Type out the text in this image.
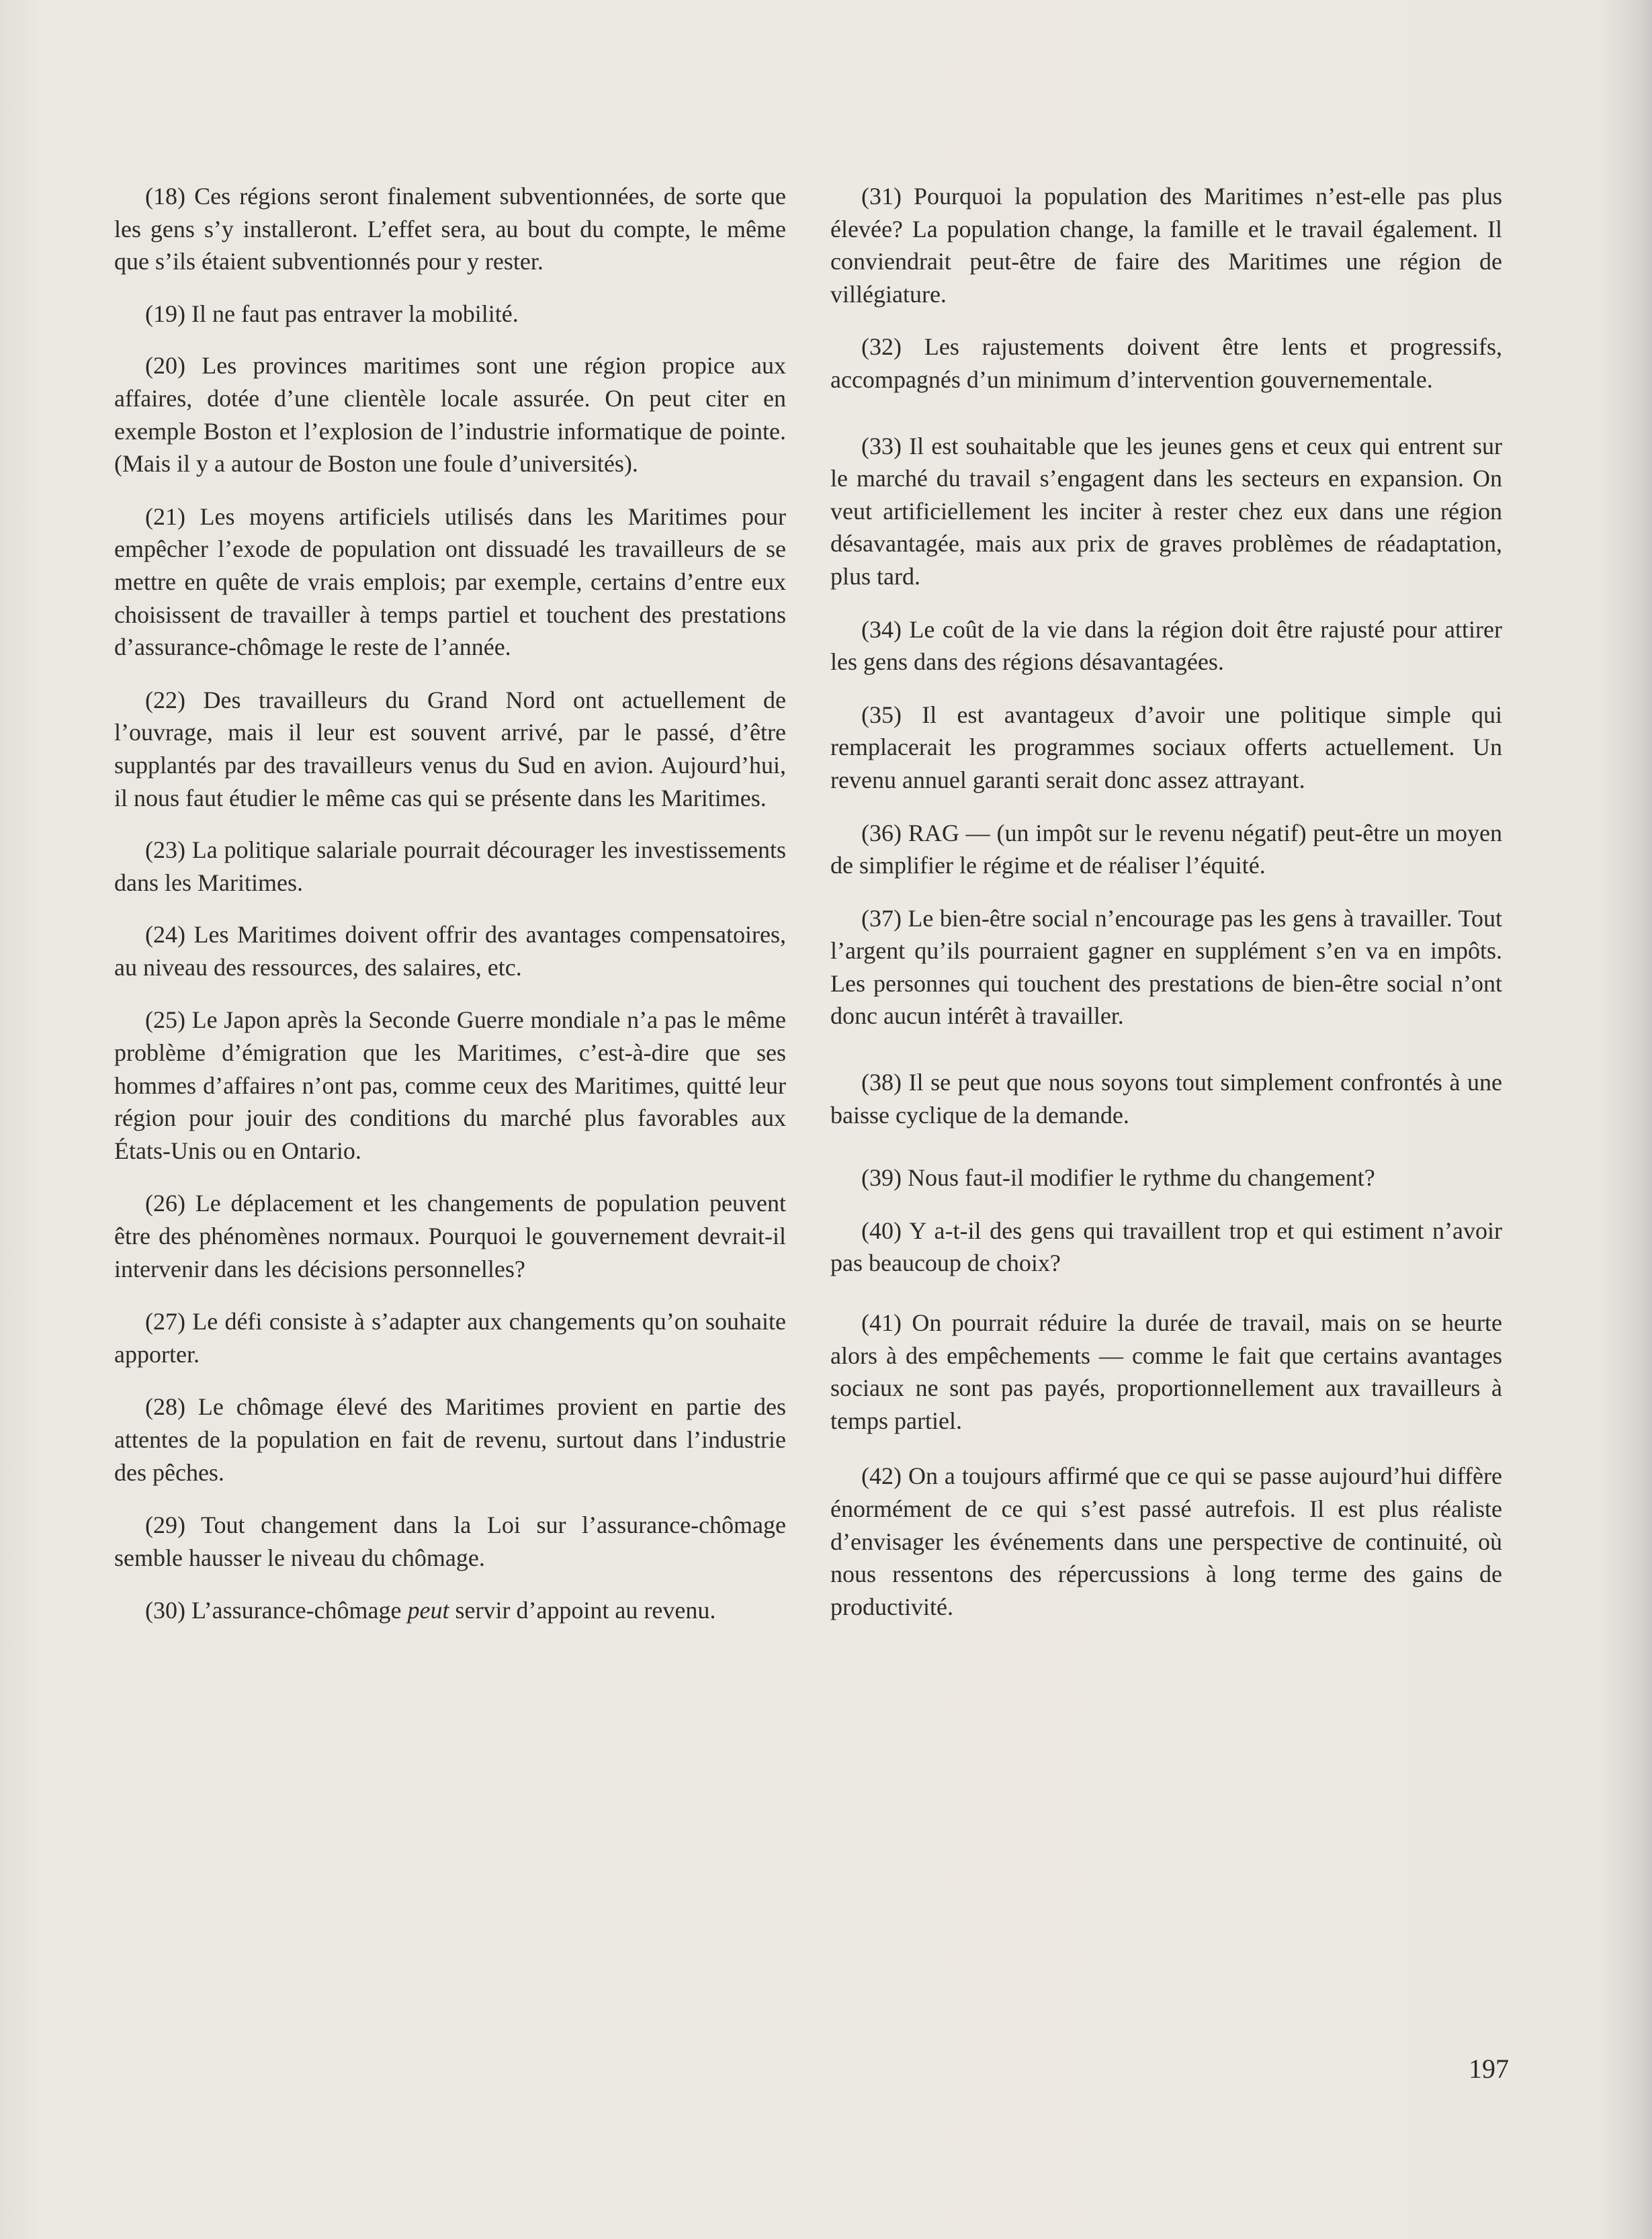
(18) Ces régions seront finalement subventionnées, de sorte que les gens s’y installeront. L’effet sera, au bout du compte, le même que s’ils étaient subventionnés pour y rester.

(19) Il ne faut pas entraver la mobilité.

(20) Les provinces maritimes sont une région propice aux affaires, dotée d’une clientèle locale assurée. On peut citer en exemple Boston et l’explosion de l’industrie informatique de pointe. (Mais il y a autour de Boston une foule d’universités).

(21) Les moyens artificiels utilisés dans les Maritimes pour empêcher l’exode de population ont dissuadé les travailleurs de se mettre en quête de vrais emplois; par exemple, certains d’entre eux choisissent de travailler à temps partiel et touchent des prestations d’assurance-chômage le reste de l’année.

(22) Des travailleurs du Grand Nord ont actuellement de l’ouvrage, mais il leur est souvent arrivé, par le passé, d’être supplantés par des travailleurs venus du Sud en avion. Aujourd’hui, il nous faut étudier le même cas qui se présente dans les Maritimes.

(23) La politique salariale pourrait décourager les investissements dans les Maritimes.

(24) Les Maritimes doivent offrir des avantages compensatoires, au niveau des ressources, des salaires, etc.

(25) Le Japon après la Seconde Guerre mondiale n’a pas le même problème d’émigration que les Maritimes, c’est-à-dire que ses hommes d’affaires n’ont pas, comme ceux des Maritimes, quitté leur région pour jouir des conditions du marché plus favorables aux États-Unis ou en Ontario.

(26) Le déplacement et les changements de population peuvent être des phénomènes normaux. Pourquoi le gouvernement devrait-il intervenir dans les décisions personnelles?

(27) Le défi consiste à s’adapter aux changements qu’on souhaite apporter.

(28) Le chômage élevé des Maritimes provient en partie des attentes de la population en fait de revenu, surtout dans l’industrie des pêches.

(29) Tout changement dans la Loi sur l’assurance-chômage semble hausser le niveau du chômage.

(30) L’assurance-chômage peut servir d’appoint au revenu.

(31) Pourquoi la population des Maritimes n’est-elle pas plus élevée? La population change, la famille et le travail également. Il conviendrait peut-être de faire des Maritimes une région de villégiature.

(32) Les rajustements doivent être lents et progressifs, accompagnés d’un minimum d’intervention gouvernementale.

(33) Il est souhaitable que les jeunes gens et ceux qui entrent sur le marché du travail s’engagent dans les secteurs en expansion. On veut artificiellement les inciter à rester chez eux dans une région désavantagée, mais aux prix de graves problèmes de réadaptation, plus tard.

(34) Le coût de la vie dans la région doit être rajusté pour attirer les gens dans des régions désavantagées.

(35) Il est avantageux d’avoir une politique simple qui remplacerait les programmes sociaux offerts actuellement. Un revenu annuel garanti serait donc assez attrayant.

(36) RAG — (un impôt sur le revenu négatif) peut-être un moyen de simplifier le régime et de réaliser l’équité.

(37) Le bien-être social n’encourage pas les gens à travailler. Tout l’argent qu’ils pourraient gagner en supplément s’en va en impôts. Les personnes qui touchent des prestations de bien-être social n’ont donc aucun intérêt à travailler.

(38) Il se peut que nous soyons tout simplement confrontés à une baisse cyclique de la demande.

(39) Nous faut-il modifier le rythme du changement?

(40) Y a-t-il des gens qui travaillent trop et qui estiment n’avoir pas beaucoup de choix?

(41) On pourrait réduire la durée de travail, mais on se heurte alors à des empêchements — comme le fait que certains avantages sociaux ne sont pas payés, proportionnellement aux travailleurs à temps partiel.

(42) On a toujours affirmé que ce qui se passe aujourd’hui diffère énormément de ce qui s’est passé autrefois. Il est plus réaliste d’envisager les événements dans une perspective de continuité, où nous ressentons des répercussions à long terme des gains de productivité.

197
